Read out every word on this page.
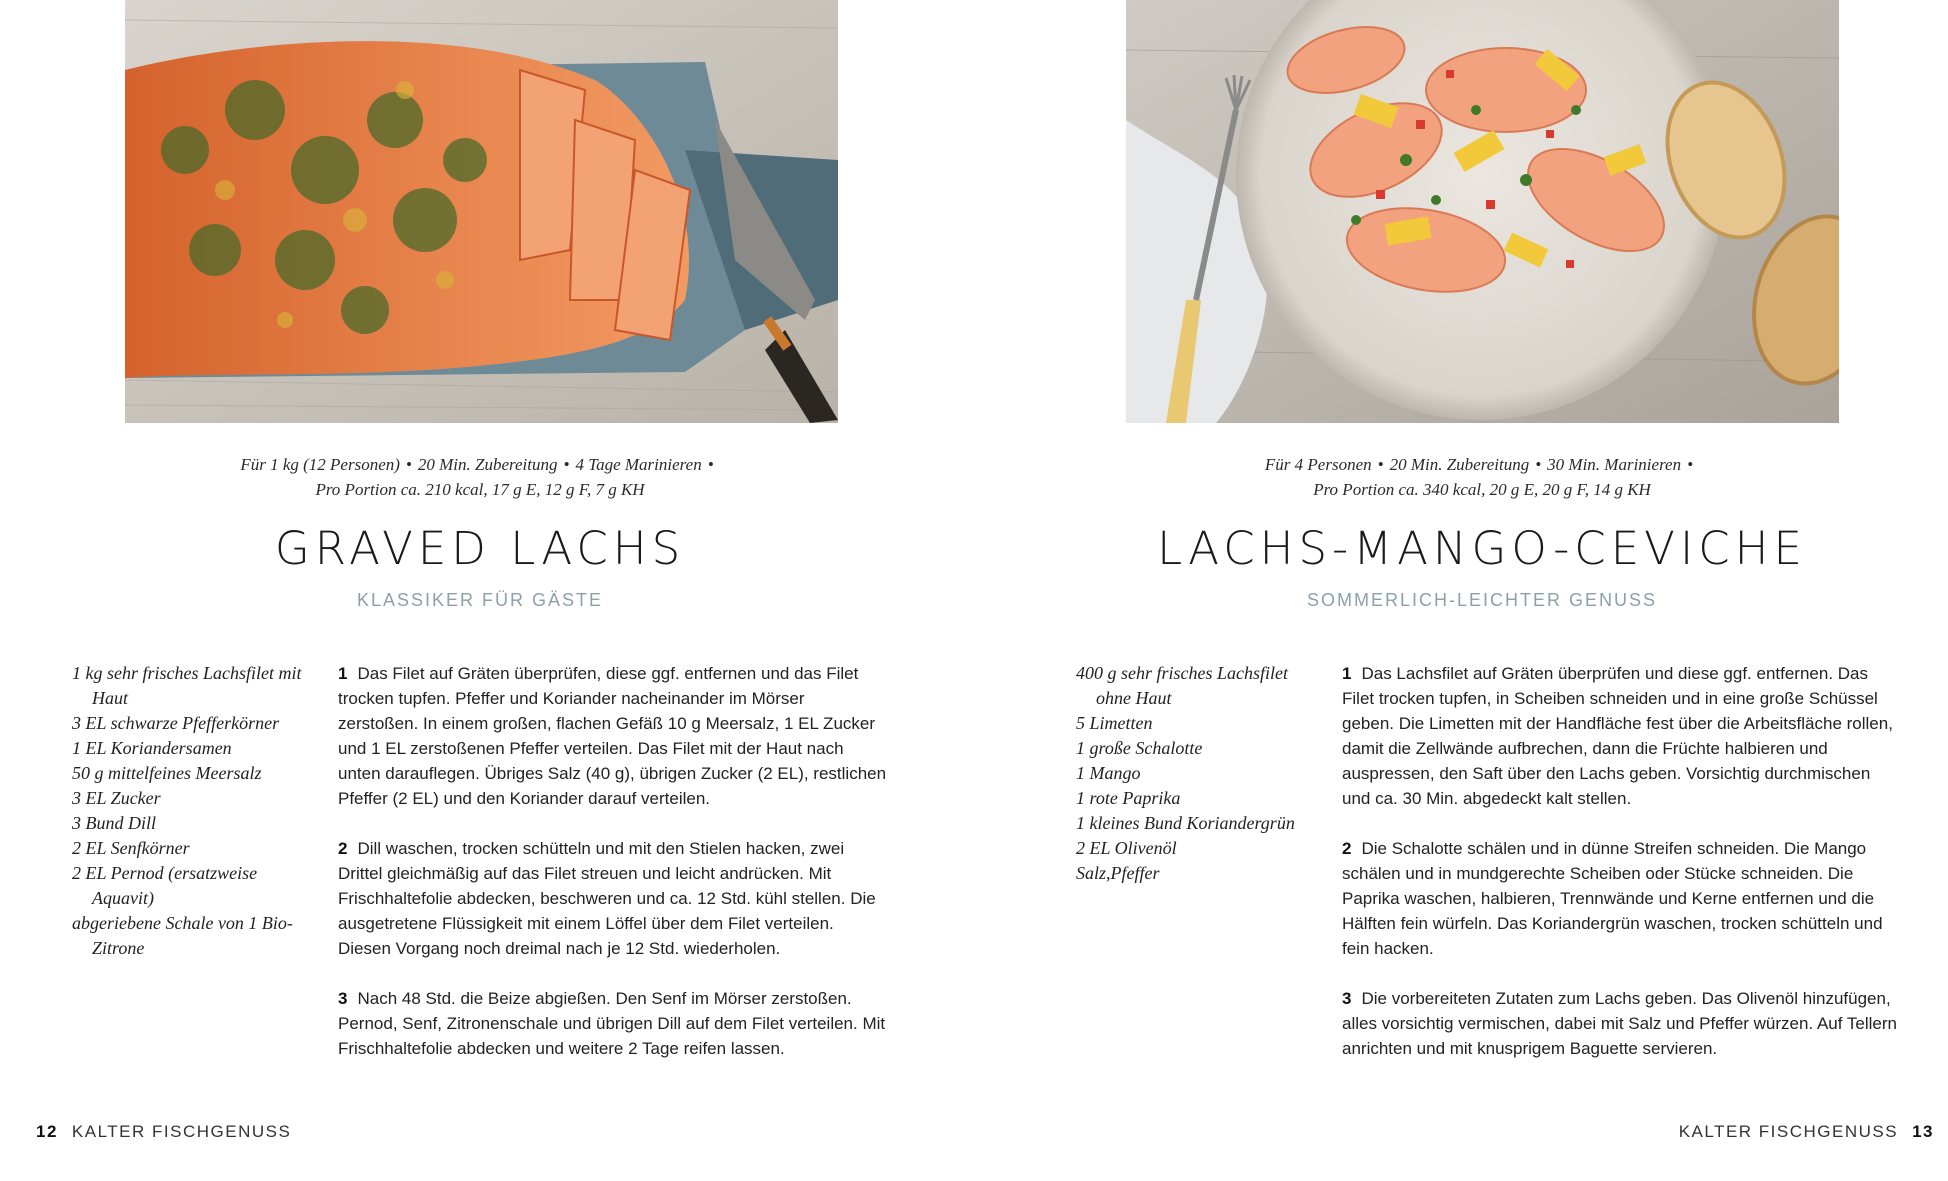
Für 1 kg (12 Personen) • 20 Min. Zubereitung • 4 Tage Marinieren •
Pro Portion ca. 210 kcal, 17 g E, 12 g F, 7 g KH
GRAVED LACHS
KLASSIKER FÜR GÄSTE
1 kg sehr frisches Lachsfilet mit Haut
3 EL schwarze Pfefferkörner
1 EL Koriandersamen
50 g mittelfeines Meersalz
3 EL Zucker
3 Bund Dill
2 EL Senfkörner
2 EL Pernod (ersatzweise Aquavit)
abgeriebene Schale von 1 Bio-Zitrone

1 Das Filet auf Gräten überprüfen, diese ggf. entfernen und das Filet trocken tupfen. Pfeffer und Koriander nacheinander im Mörser zerstoßen. In einem großen, flachen Gefäß 10 g Meersalz, 1 EL Zucker und 1 EL zerstoßenen Pfeffer verteilen. Das Filet mit der Haut nach unten darauflegen. Übriges Salz (40 g), übrigen Zucker (2 EL), restlichen Pfeffer (2 EL) und den Koriander darauf verteilen.

2 Dill waschen, trocken schütteln und mit den Stielen hacken, zwei Drittel gleichmäßig auf das Filet streuen und leicht andrücken. Mit Frischhaltefolie abdecken, beschweren und ca. 12 Std. kühl stellen. Die ausgetretene Flüssigkeit mit einem Löffel über dem Filet verteilen. Diesen Vorgang noch dreimal nach je 12 Std. wiederholen.

3 Nach 48 Std. die Beize abgießen. Den Senf im Mörser zerstoßen. Pernod, Senf, Zitronenschale und übrigen Dill auf dem Filet verteilen. Mit Frischhaltefolie abdecken und weitere 2 Tage reifen lassen.

12 KALTER FISCHGENUSS
Für 4 Personen • 20 Min. Zubereitung • 30 Min. Marinieren •
Pro Portion ca. 340 kcal, 20 g E, 20 g F, 14 g KH
LACHS-MANGO-CEVICHE
SOMMERLICH-LEICHTER GENUSS
400 g sehr frisches Lachsfilet ohne Haut
5 Limetten
1 große Schalotte
1 Mango
1 rote Paprika
1 kleines Bund Koriandergrün
2 EL Olivenöl
Salz,Pfeffer

1 Das Lachsfilet auf Gräten überprüfen und diese ggf. entfernen. Das Filet trocken tupfen, in Scheiben schneiden und in eine große Schüssel geben. Die Limetten mit der Handfläche fest über die Arbeitsfläche rollen, damit die Zellwände aufbrechen, dann die Früchte halbieren und auspressen, den Saft über den Lachs geben. Vorsichtig durchmischen und ca. 30 Min. abgedeckt kalt stellen.

2 Die Schalotte schälen und in dünne Streifen schneiden. Die Mango schälen und in mundgerechte Scheiben oder Stücke schneiden. Die Paprika waschen, halbieren, Trennwände und Kerne entfernen und die Hälften fein würfeln. Das Koriandergrün waschen, trocken schütteln und fein hacken.

3 Die vorbereiteten Zutaten zum Lachs geben. Das Olivenöl hinzufügen, alles vorsichtig vermischen, dabei mit Salz und Pfeffer würzen. Auf Tellern anrichten und mit knusprigem Baguette servieren.

KALTER FISCHGENUSS 13
